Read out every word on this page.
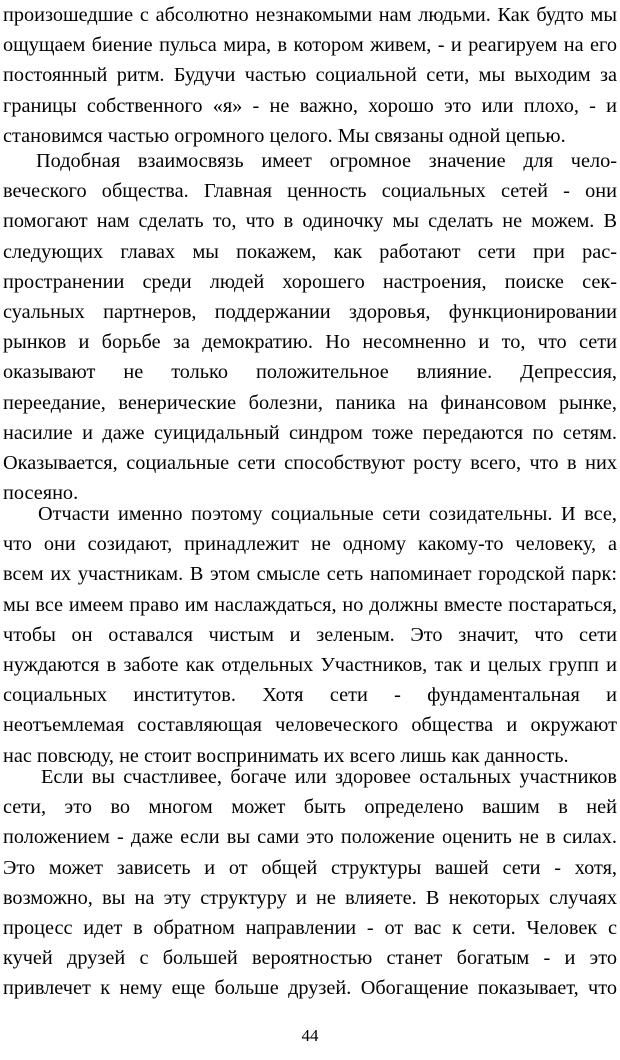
произошедшие с абсолютно незнакомыми нам людьми. Как будто мы
ощущаем биение пульса мира, в котором живем, - и реагируем на его
постоянный ритм. Будучи частью социальной сети, мы выходим за
границы собственного «я» - не важно, хорошо это или плохо, - и
становимся частью огромного целого. Мы связаны одной цепью.
Подобная взаимосвязь имеет огромное значение для чело-
веческого общества. Главная ценность социальных сетей - они
помогают нам сделать то, что в одиночку мы сделать не можем. В
следующих главах мы покажем, как работают сети при рас-
пространении среди людей хорошего настроения, поиске сек-
суальных партнеров, поддержании здоровья, функционировании
рынков и борьбе за демократию. Но несомненно и то, что сети
оказывают не только положительное влияние. Депрессия,
переедание, венерические болезни, паника на финансовом рынке,
насилие и даже суицидальный синдром тоже передаются по сетям.
Оказывается, социальные сети способствуют росту всего, что в них
посеяно.
Отчасти именно поэтому социальные сети созидательны. И все,
что они созидают, принадлежит не одному какому-то человеку, а
всем их участникам. В этом смысле сеть напоминает городской парк:
мы все имеем право им наслаждаться, но должны вместе постараться,
чтобы он оставался чистым и зеленым. Это значит, что сети
нуждаются в заботе как отдельных Участников, так и целых групп и
социальных институтов. Хотя сети - фундаментальная и
неотъемлемая составляющая человеческого общества и окружают
нас повсюду, не стоит воспринимать их всего лишь как данность.
Если вы счастливее, богаче или здоровее остальных участников
сети, это во многом может быть определено вашим в ней
положением - даже если вы сами это положение оценить не в силах.
Это может зависеть и от общей структуры вашей сети - хотя,
возможно, вы на эту структуру и не влияете. В некоторых случаях
процесс идет в обратном направлении - от вас к сети. Человек с
кучей друзей с большей вероятностью станет богатым - и это
привлечет к нему еще больше друзей. Обогащение показывает, что
44
